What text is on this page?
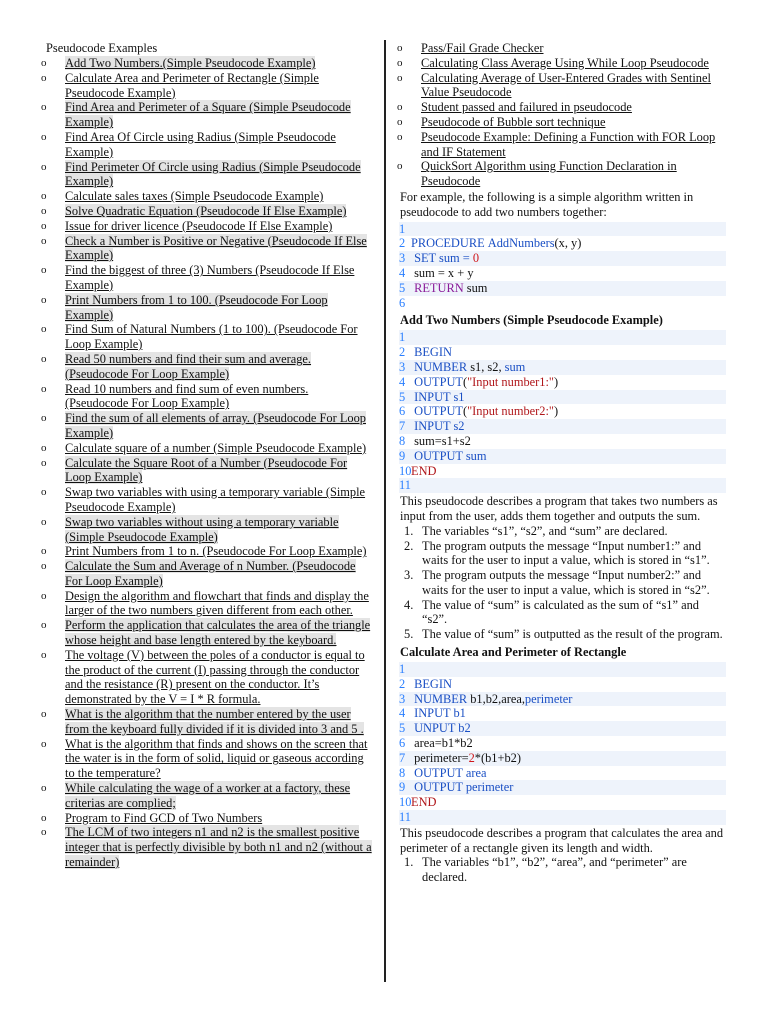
Pseudocode Examples
o Add Two Numbers.(Simple Pseudocode Example)
o Calculate Area and Perimeter of Rectangle (Simple Pseudocode Example)
o Find Area and Perimeter of a Square (Simple Pseudocode Example)
o Find Area Of Circle using Radius (Simple Pseudocode Example)
o Find Perimeter Of Circle using Radius (Simple Pseudocode Example)
o Calculate sales taxes (Simple Pseudocode Example)
o Solve Quadratic Equation (Pseudocode If Else Example)
o Issue for driver licence (Pseudocode If Else Example)
o Check a Number is Positive or Negative (Pseudocode If Else Example)
o Find the biggest of three (3) Numbers (Pseudocode If Else Example)
o Print Numbers from 1 to 100. (Pseudocode For Loop Example)
o Find Sum of Natural Numbers (1 to 100). (Pseudocode For Loop Example)
o Read 50 numbers and find their sum and average. (Pseudocode For Loop Example)
o Read 10 numbers and find sum of even numbers. (Pseudocode For Loop Example)
o Find the sum of all elements of array. (Pseudocode For Loop Example)
o Calculate square of a number (Simple Pseudocode Example)
o Calculate the Square Root of a Number (Pseudocode For Loop Example)
o Swap two variables with using a temporary variable (Simple Pseudocode Example)
o Swap two variables without using a temporary variable (Simple Pseudocode Example)
o Print Numbers from 1 to n. (Pseudocode For Loop Example)
o Calculate the Sum and Average of n Number. (Pseudocode For Loop Example)
o Design the algorithm and flowchart that finds and display the larger of the two numbers given different from each other.
o Perform the application that calculates the area of the triangle whose height and base length entered by the keyboard.
o The voltage (V) between the poles of a conductor is equal to the product of the current (I) passing through the conductor and the resistance (R) present on the conductor. It’s demonstrated by the V = I * R formula.
o What is the algorithm that the number entered by the user from the keyboard fully divided if it is divided into 3 and 5 .
o What is the algorithm that finds and shows on the screen that the water is in the form of solid, liquid or gaseous according to the temperature?
o While calculating the wage of a worker at a factory, these criterias are complied;
o Program to Find GCD of Two Numbers
o The LCM of two integers n1 and n2 is the smallest positive integer that is perfectly divisible by both n1 and n2 (without a remainder)
o Pass/Fail Grade Checker
o Calculating Class Average Using While Loop Pseudocode
o Calculating Average of User-Entered Grades with Sentinel Value Pseudocode
o Student passed and failured in pseudocode
o Pseudocode of Bubble sort technique
o Pseudocode Example: Defining a Function with FOR Loop and IF Statement
o QuickSort Algorithm using Function Declaration in Pseudocode
For example, the following is a simple algorithm written in pseudocode to add two numbers together:
1
2 PROCEDURE AddNumbers (x, y)
3 SET sum = 0
4 sum = x + y
5 RETURN sum
6
Add Two Numbers (Simple Pseudocode Example)
1
2 BEGIN
3 NUMBER s1, s2, sum
4 OUTPUT ( "Input number1:" )
5 INPUT s1
6 OUTPUT ( "Input number2:" )
7 INPUT s2
8 sum=s1+s2
9 OUTPUT sum
10 END
11
This pseudocode describes a program that takes two numbers as input from the user, adds them together and outputs the sum.
1. The variables “s1”, “s2”, and “sum” are declared.
2. The program outputs the message “Input number1:” and waits for the user to input a value, which is stored in “s1”.
3. The program outputs the message “Input number2:” and waits for the user to input a value, which is stored in “s2”.
4. The value of “sum” is calculated as the sum of “s1” and “s2”.
5. The value of “sum” is outputted as the result of the program.
Calculate Area and Perimeter of Rectangle
1
2 BEGIN
3 NUMBER b1,b2,area, perimeter
4 INPUT b1
5 UNPUT b2
6 area=b1*b2
7 perimeter= 2 *(b1+b2)
8 OUTPUT area
9 OUTPUT perimeter
10 END
11
This pseudocode describes a program that calculates the area and perimeter of a rectangle given its length and width.
1. The variables “b1”, “b2”, “area”, and “perimeter” are declared.
